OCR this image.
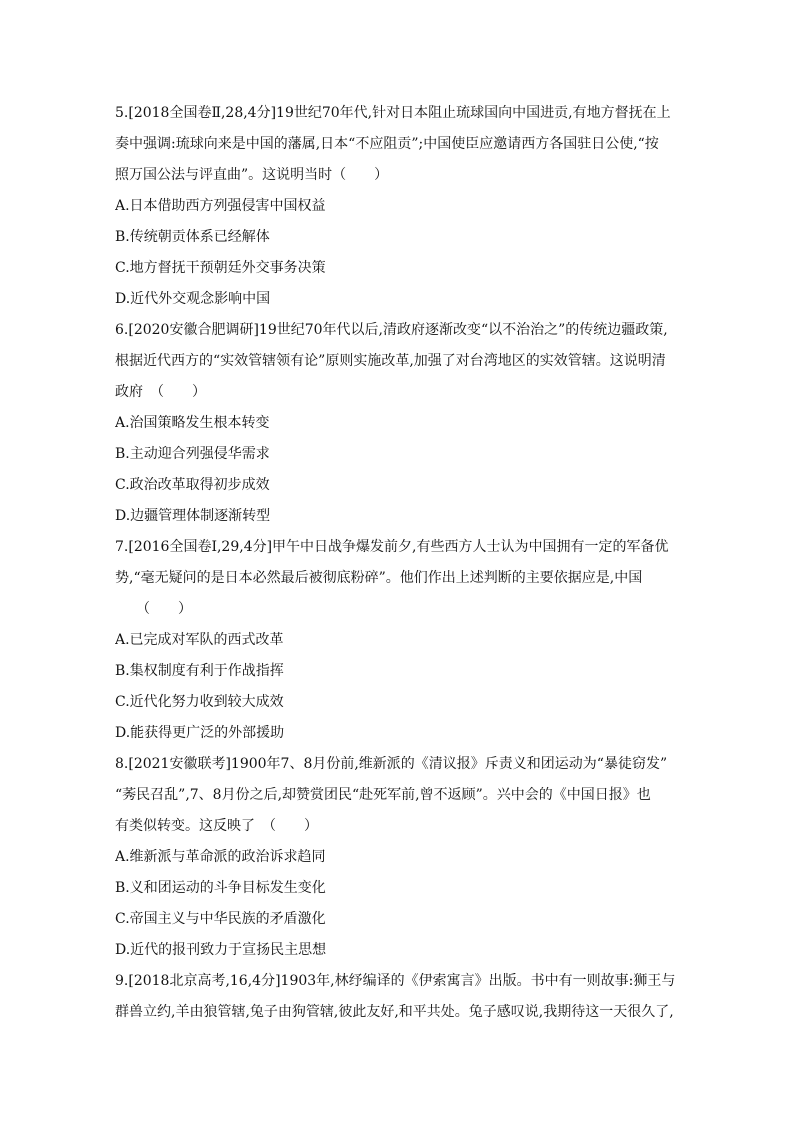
5.[2018全国卷Ⅱ,28,4分]19世纪70年代,针对日本阻止琉球国向中国进贡,有地方督抚在上
奏中强调:琉球向来是中国的藩属,日本“不应阻贡”;中国使臣应邀请西方各国驻日公使,“按
照万国公法与评直曲”。这说明当时（　　）
A.日本借助西方列强侵害中国权益
B.传统朝贡体系已经解体
C.地方督抚干预朝廷外交事务决策
D.近代外交观念影响中国
6.[2020安徽合肥调研]19世纪70年代以后,清政府逐渐改变“以不治治之”的传统边疆政策,
根据近代西方的“实效管辖领有论”原则实施改革,加强了对台湾地区的实效管辖。这说明清
政府　（　　）
A.治国策略发生根本转变
B.主动迎合列强侵华需求
C.政治改革取得初步成效
D.边疆管理体制逐渐转型
7.[2016全国卷Ⅰ,29,4分]甲午中日战争爆发前夕,有些西方人士认为中国拥有一定的军备优
势,“毫无疑问的是日本必然最后被彻底粉碎”。他们作出上述判断的主要依据应是,中国
　　（　　）
A.已完成对军队的西式改革
B.集权制度有利于作战指挥
C.近代化努力收到较大成效
D.能获得更广泛的外部援助
8.[2021安徽联考]1900年7、8月份前,维新派的《清议报》斥责义和团运动为“暴徒窃发”
“莠民召乱”,7、8月份之后,却赞赏团民“赴死军前,曾不返顾”。兴中会的《中国日报》也
有类似转变。这反映了　（　　）
A.维新派与革命派的政治诉求趋同
B.义和团运动的斗争目标发生变化
C.帝国主义与中华民族的矛盾激化
D.近代的报刊致力于宣扬民主思想
9.[2018北京高考,16,4分]1903年,林纾编译的《伊索寓言》出版。书中有一则故事:狮王与
群兽立约,羊由狼管辖,兔子由狗管辖,彼此友好,和平共处。兔子感叹说,我期待这一天很久了,
